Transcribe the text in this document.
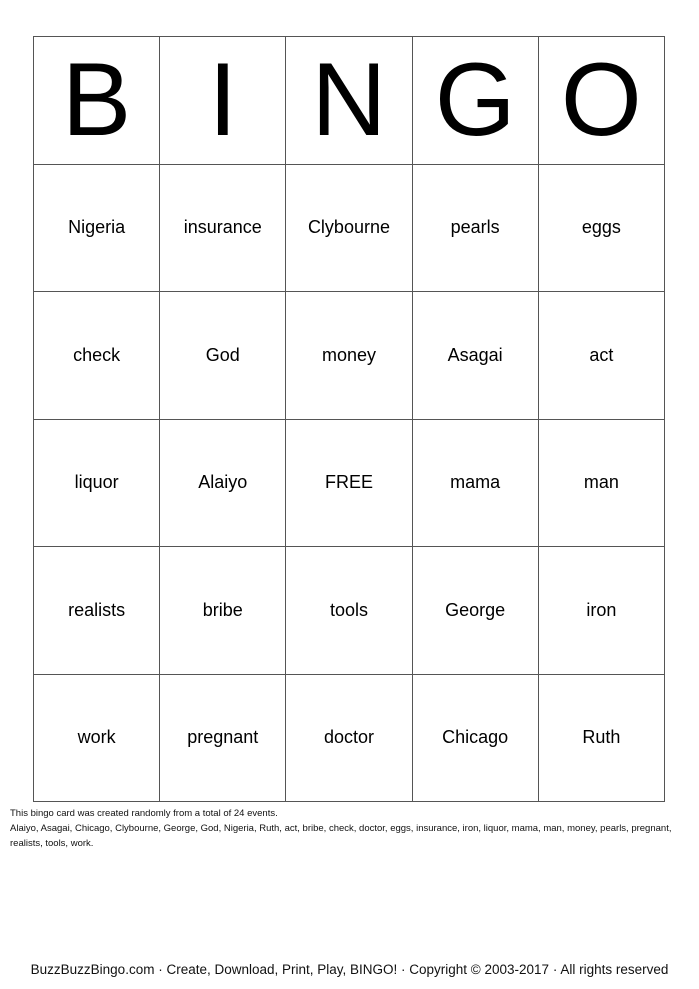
B	I	N	G	O
Nigeria	insurance	Clybourne	pearls	eggs
check	God	money	Asagai	act
liquor	Alaiyo	FREE	mama	man
realists	bribe	tools	George	iron
work	pregnant	doctor	Chicago	Ruth
This bingo card was created randomly from a total of 24 events.
Alaiyo, Asagai, Chicago, Clybourne, George, God, Nigeria, Ruth, act, bribe, check, doctor, eggs, insurance, iron, liquor, mama, man, money, pearls, pregnant, realists, tools, work.
BuzzBuzzBingo.com · Create, Download, Print, Play, BINGO! · Copyright © 2003-2017 · All rights reserved
